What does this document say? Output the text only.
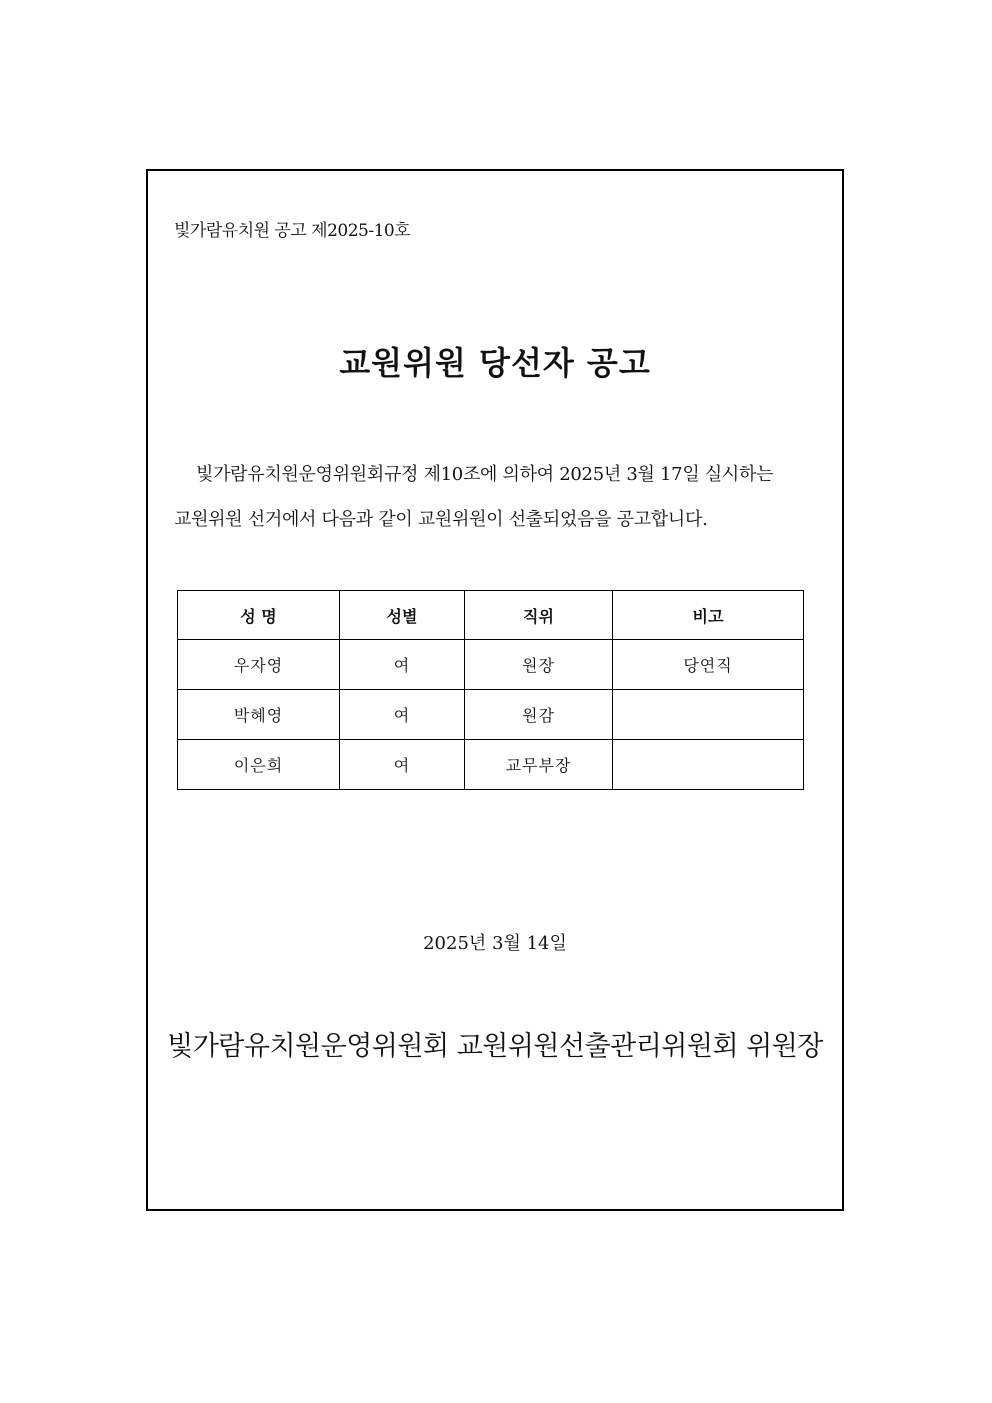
빛가람유치원 공고 제2025-10호
교원위원 당선자 공고
빛가람유치원운영위원회규정 제10조에 의하여 2025년 3월 17일 실시하는
교원위원 선거에서 다음과 같이 교원위원이 선출되었음을 공고합니다.
성 명	성별	직위	비고
우자영	여	원장	당연직
박혜영	여	원감	
이은희	여	교무부장	
2025년 3월 14일
빛가람유치원운영위원회 교원위원선출관리위원회 위원장
